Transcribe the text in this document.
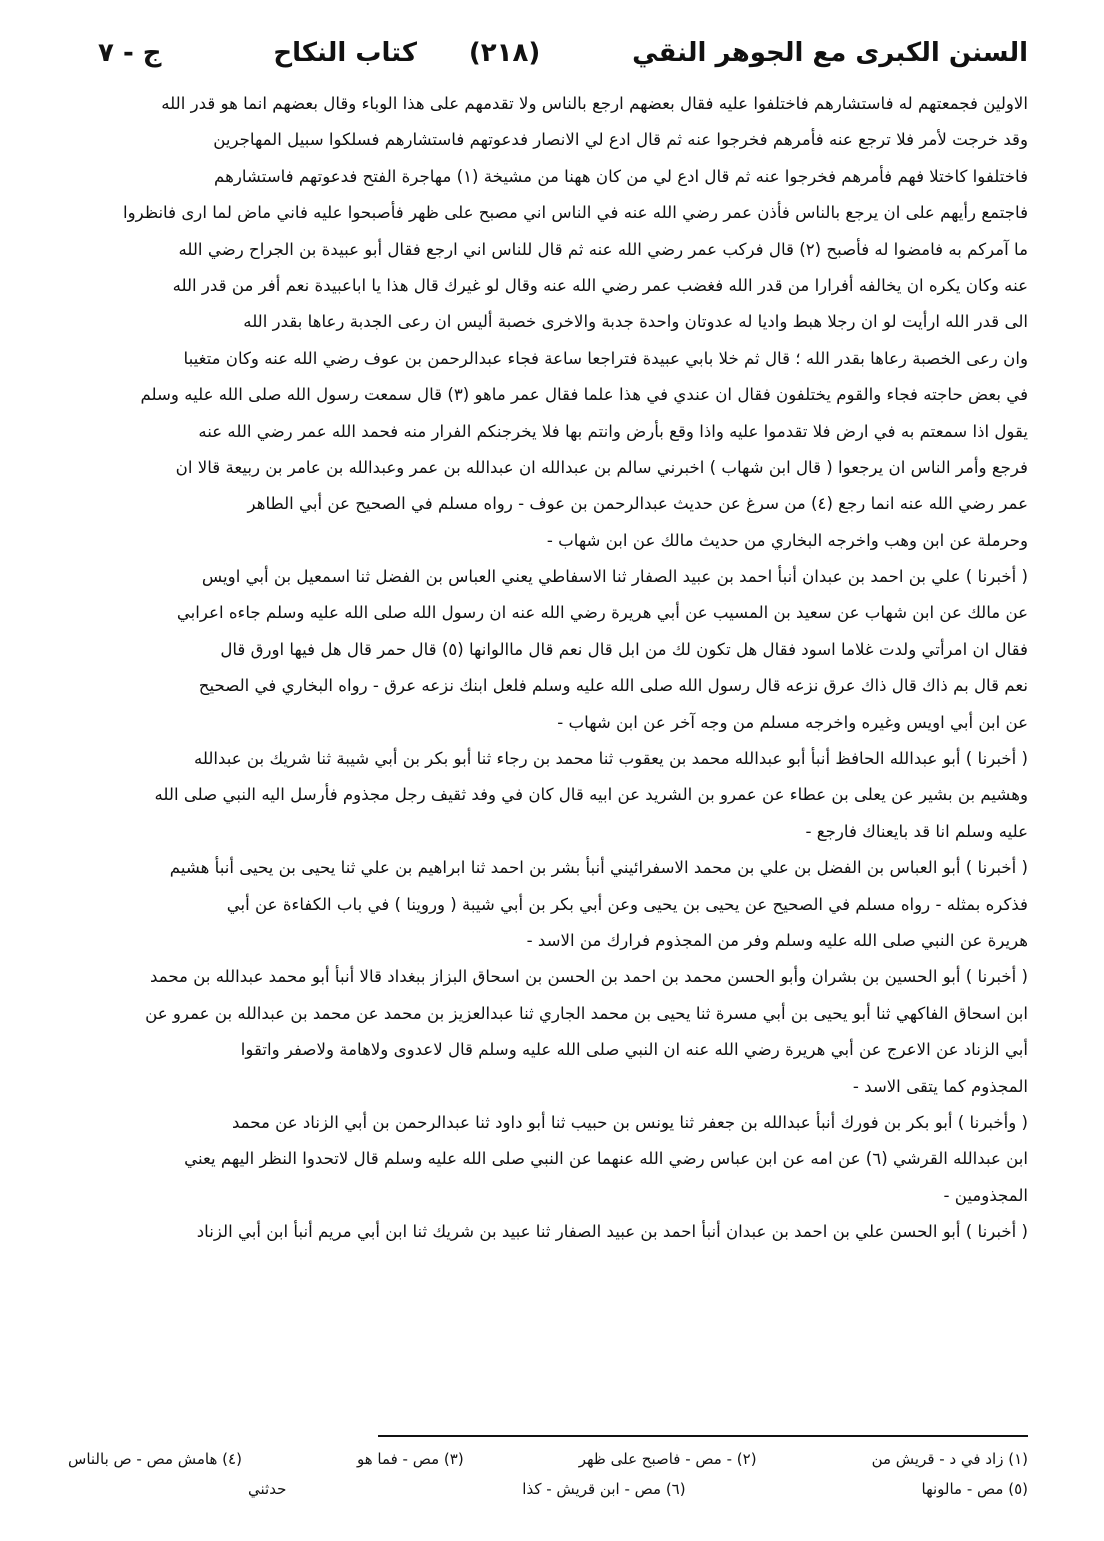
السنن الكبرى مع الجوهر النقي
(٢١٨)
كتاب النكاح
ج - ٧
الاولين فجمعتهم له فاستشارهم فاختلفوا عليه فقال بعضهم ارجع بالناس ولا تقدمهم على هذا الوباء وقال بعضهم انما هو قدر الله
وقد خرجت لأمر فلا ترجع عنه فأمرهم فخرجوا عنه ثم قال ادع لي الانصار فدعوتهم فاستشارهم فسلكوا سبيل المهاجرين
فاختلفوا كاختلا فهم فأمرهم فخرجوا عنه ثم قال ادع لي من كان ههنا من مشيخة (١) مهاجرة الفتح فدعوتهم فاستشارهم
فاجتمع رأيهم على ان يرجع بالناس فأذن عمر رضي الله عنه في الناس اني مصبح على ظهر فأصبحوا عليه فاني ماض لما ارى فانظروا
ما آمركم به فامضوا له فأصبح (٢) قال فركب عمر رضي الله عنه ثم قال للناس اني ارجع فقال أبو عبيدة بن الجراح رضي الله
عنه وكان يكره ان يخالفه أفرارا من قدر الله فغضب عمر رضي الله عنه وقال لو غيرك قال هذا يا اباعبيدة نعم أفر من قدر الله
الى قدر الله ارأيت لو ان رجلا هبط واديا له عدوتان واحدة جدبة والاخرى خصبة أليس ان رعى الجدبة رعاها بقدر الله
وان رعى الخصبة رعاها بقدر الله ؛ قال ثم خلا بابي عبيدة فتراجعا ساعة فجاء عبدالرحمن بن عوف رضي الله عنه وكان متغيبا
في بعض حاجته فجاء والقوم يختلفون فقال ان عندي في هذا علما فقال عمر ماهو (٣) قال سمعت رسول الله صلى الله عليه وسلم
يقول اذا سمعتم به في ارض فلا تقدموا عليه واذا وقع بأرض وانتم بها فلا يخرجنكم الفرار منه فحمد الله عمر رضي الله عنه
فرجع وأمر الناس ان يرجعوا ( قال ابن شهاب ) اخبرني سالم بن عبدالله ان عبدالله بن عمر وعبدالله بن عامر بن ربيعة قالا ان
عمر رضي الله عنه انما رجع (٤) من سرغ عن حديث عبدالرحمن بن عوف - رواه مسلم في الصحيح عن أبي الطاهر
وحرملة عن ابن وهب واخرجه البخاري من حديث مالك عن ابن شهاب -
( أخبرنا ) علي بن احمد بن عبدان أنبأ احمد بن عبيد الصفار ثنا الاسفاطي يعني العباس بن الفضل ثنا اسمعيل بن أبي اويس
عن مالك عن ابن شهاب عن سعيد بن المسيب عن أبي هريرة رضي الله عنه ان رسول الله صلى الله عليه وسلم جاءه اعرابي
فقال ان امرأتي ولدت غلاما اسود فقال هل تكون لك من ابل قال نعم قال ماالوانها (٥) قال حمر قال هل فيها اورق قال
نعم قال بم ذاك قال ذاك عرق نزعه قال رسول الله صلى الله عليه وسلم فلعل ابنك نزعه عرق - رواه البخاري في الصحيح
عن ابن أبي اويس وغيره واخرجه مسلم من وجه آخر عن ابن شهاب -
( أخبرنا ) أبو عبدالله الحافظ أنبأ أبو عبدالله محمد بن يعقوب ثنا محمد بن رجاء ثنا أبو بكر بن أبي شيبة ثنا شريك بن عبدالله
وهشيم بن بشير عن يعلى بن عطاء عن عمرو بن الشريد عن ابيه قال كان في وفد ثقيف رجل مجذوم فأرسل اليه النبي صلى الله
عليه وسلم انا قد بايعناك فارجع -
( أخبرنا ) أبو العباس بن الفضل بن علي بن محمد الاسفرائيني أنبأ بشر بن احمد ثنا ابراهيم بن علي ثنا يحيى بن يحيى أنبأ هشيم
فذكره بمثله - رواه مسلم في الصحيح عن يحيى بن يحيى وعن أبي بكر بن أبي شيبة ( وروينا ) في باب الكفاءة عن أبي
هريرة عن النبي صلى الله عليه وسلم وفر من المجذوم فرارك من الاسد -
( أخبرنا ) أبو الحسين بن بشران وأبو الحسن محمد بن احمد بن الحسن بن اسحاق البزاز ببغداد قالا أنبأ أبو محمد عبدالله بن محمد
ابن اسحاق الفاكهي ثنا أبو يحيى بن أبي مسرة ثنا يحيى بن محمد الجاري ثنا عبدالعزيز بن محمد عن محمد بن عبدالله بن عمرو عن
أبي الزناد عن الاعرج عن أبي هريرة رضي الله عنه ان النبي صلى الله عليه وسلم قال لاعدوى ولاهامة ولاصفر واتقوا
المجذوم كما يتقى الاسد -
( وأخبرنا ) أبو بكر بن فورك أنبأ عبدالله بن جعفر ثنا يونس بن حبيب ثنا أبو داود ثنا عبدالرحمن بن أبي الزناد عن محمد
ابن عبدالله القرشي (٦) عن امه عن ابن عباس رضي الله عنهما عن النبي صلى الله عليه وسلم قال لاتحدوا النظر اليهم يعني
المجذومين -
( أخبرنا ) أبو الحسن علي بن احمد بن عبدان أنبأ احمد بن عبيد الصفار ثنا عبيد بن شريك ثنا ابن أبي مريم أنبأ ابن أبي الزناد
(١) زاد في د - قريش من
(٢) - مص - فاصبح على ظهر
(٣) مص - فما هو
(٤) هامش مص - ص بالناس
(٥) مص - مالونها
(٦) مص - ابن قريش - كذا
حدثني
